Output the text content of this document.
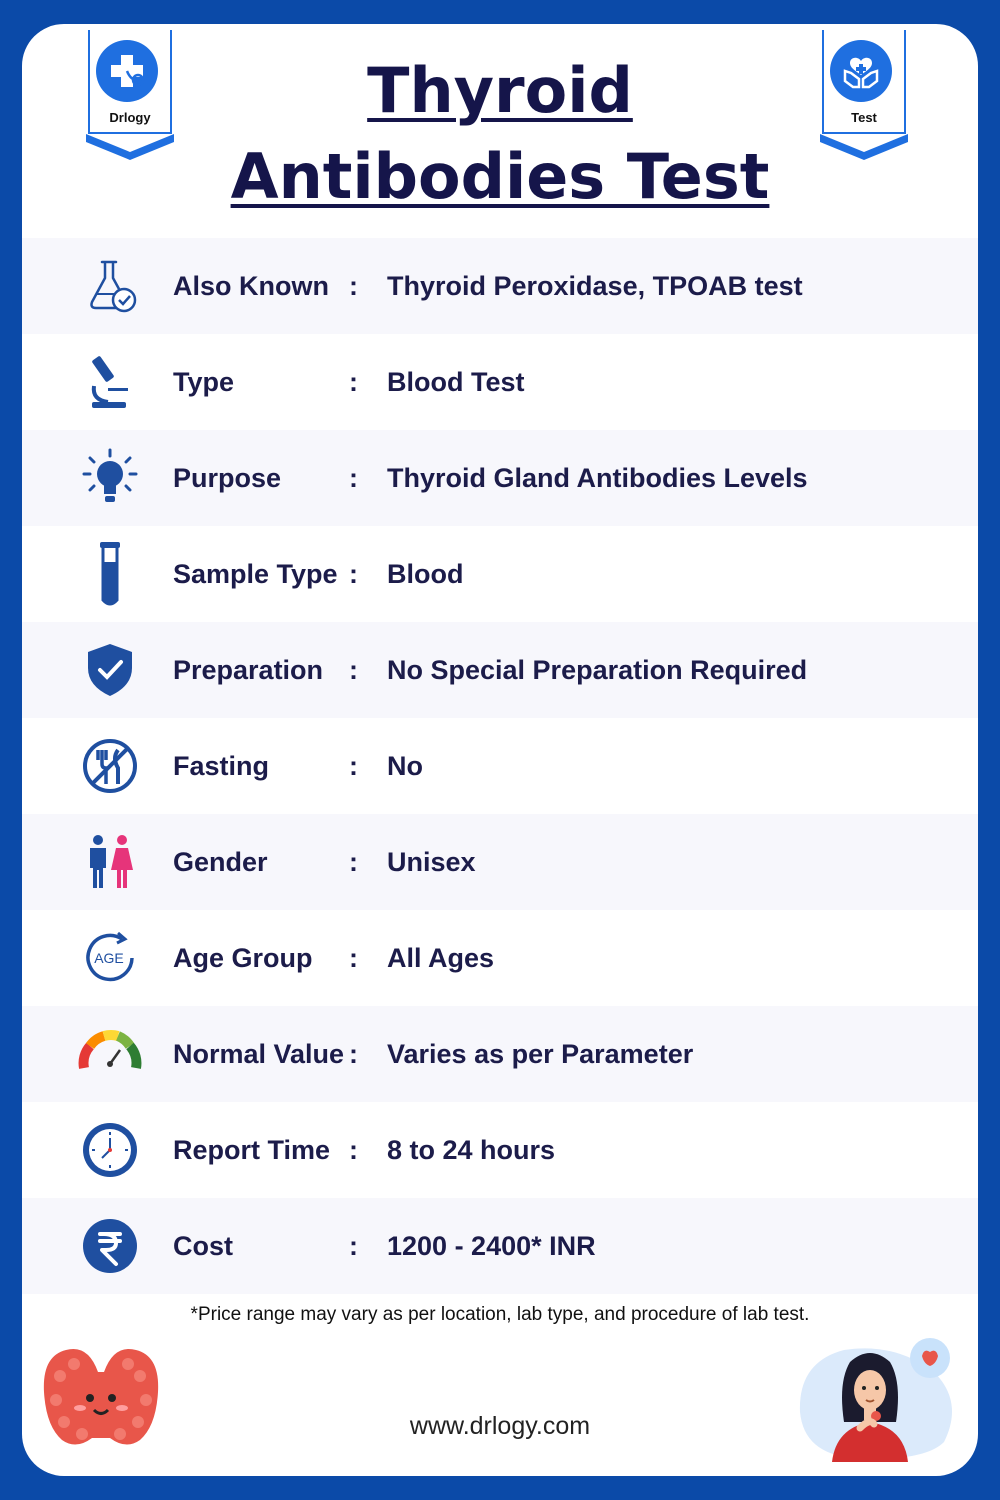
Drlogy	Test
Thyroid
Antibodies Test
Also Known : Thyroid Peroxidase, TPOAB test
Type	: Blood Test
Purpose	: Thyroid Gland Antibodies Levels
Sample Type : Blood
Preparation : No Special Preparation Required
Fasting	: No
Gender	: Unisex
AGE Age Group : All Ages
Normal Value : Varies as per Parameter
Report Time : 8 to 24 hours
Cost	: 1200 - 2400* INR
*Price range may vary as per location, lab type, and procedure of lab test.
www.drlogy.com
